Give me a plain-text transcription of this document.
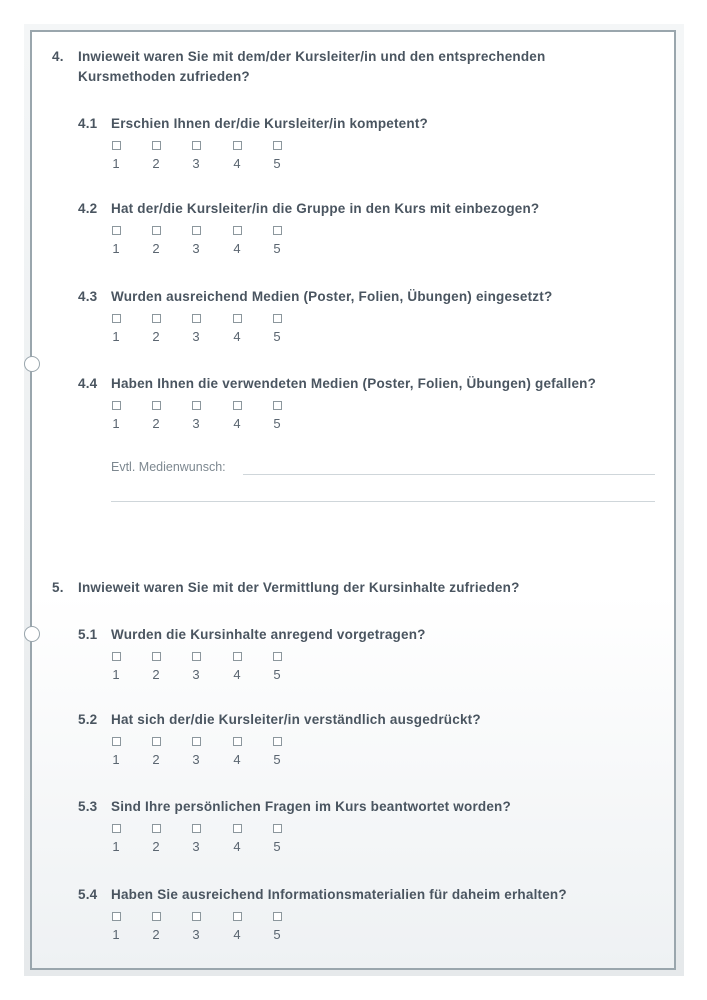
4. Inwieweit waren Sie mit dem/der Kursleiter/in und den entsprechenden
Kursmethoden zufrieden?
4.1 Erschien Ihnen der/die Kursleiter/in kompetent?
1	2	3	4	5
4.2 Hat der/die Kursleiter/in die Gruppe in den Kurs mit einbezogen?
1	2	3	4	5
4.3 Wurden ausreichend Medien (Poster, Folien, Übungen) eingesetzt?
1	2	3	4	5
4.4 Haben Ihnen die verwendeten Medien (Poster, Folien, Übungen) gefallen?
1	2	3	4	5
Evtl. Medienwunsch:
5. Inwieweit waren Sie mit der Vermittlung der Kursinhalte zufrieden?
5.1 Wurden die Kursinhalte anregend vorgetragen?
1	2	3	4	5
5.2 Hat sich der/die Kursleiter/in verständlich ausgedrückt?
1	2	3	4	5
5.3 Sind Ihre persönlichen Fragen im Kurs beantwortet worden?
1	2	3	4	5
5.4 Haben Sie ausreichend Informationsmaterialien für daheim erhalten?
1	2	3	4	5
